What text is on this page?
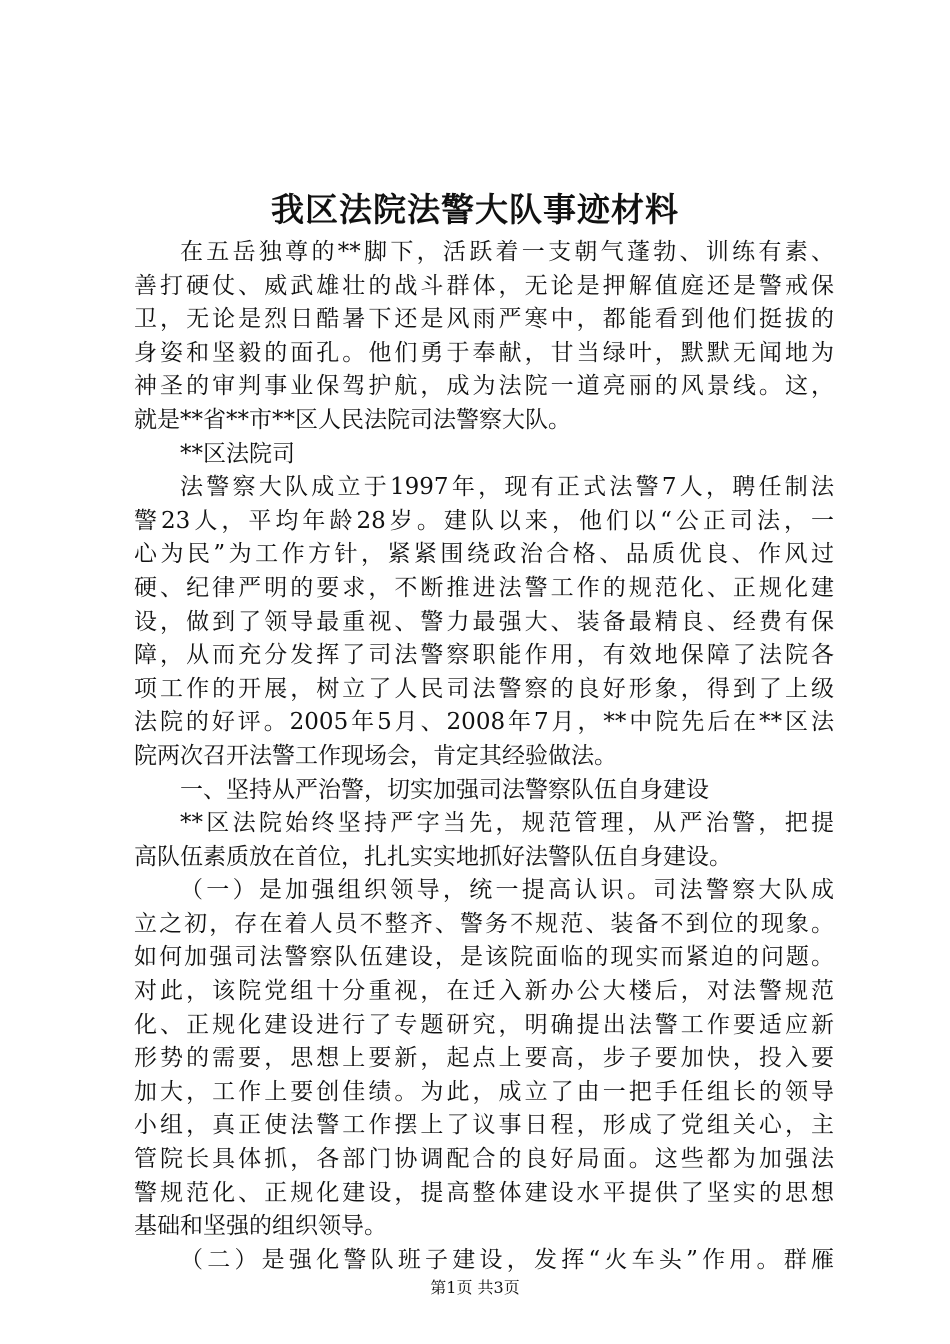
我区法院法警大队事迹材料
在五岳独尊的**脚下，活跃着一支朝气蓬勃、训练有素、
善打硬仗、威武雄壮的战斗群体，无论是押解值庭还是警戒保
卫，无论是烈日酷暑下还是风雨严寒中，都能看到他们挺拔的
身姿和坚毅的面孔。他们勇于奉献，甘当绿叶，默默无闻地为
神圣的审判事业保驾护航，成为法院一道亮丽的风景线。这，
就是**省**市**区人民法院司法警察大队。
**区法院司
法警察大队成立于1997年，现有正式法警7人，聘任制法
警23人，平均年龄28岁。建队以来，他们以“公正司法，一
心为民”为工作方针，紧紧围绕政治合格、品质优良、作风过
硬、纪律严明的要求，不断推进法警工作的规范化、正规化建
设，做到了领导最重视、警力最强大、装备最精良、经费有保
障，从而充分发挥了司法警察职能作用，有效地保障了法院各
项工作的开展，树立了人民司法警察的良好形象，得到了上级
法院的好评。2005年5月、2008年7月，**中院先后在**区法
院两次召开法警工作现场会，肯定其经验做法。
一、坚持从严治警，切实加强司法警察队伍自身建设
**区法院始终坚持严字当先，规范管理，从严治警，把提
高队伍素质放在首位，扎扎实实地抓好法警队伍自身建设。
（一）是加强组织领导，统一提高认识。司法警察大队成
立之初，存在着人员不整齐、警务不规范、装备不到位的现象。
如何加强司法警察队伍建设，是该院面临的现实而紧迫的问题。
对此，该院党组十分重视，在迁入新办公大楼后，对法警规范
化、正规化建设进行了专题研究，明确提出法警工作要适应新
形势的需要，思想上要新，起点上要高，步子要加快，投入要
加大，工作上要创佳绩。为此，成立了由一把手任组长的领导
小组，真正使法警工作摆上了议事日程，形成了党组关心，主
管院长具体抓，各部门协调配合的良好局面。这些都为加强法
警规范化、正规化建设，提高整体建设水平提供了坚实的思想
基础和坚强的组织领导。
（二）是强化警队班子建设，发挥“火车头”作用。群雁
第1页 共3页
